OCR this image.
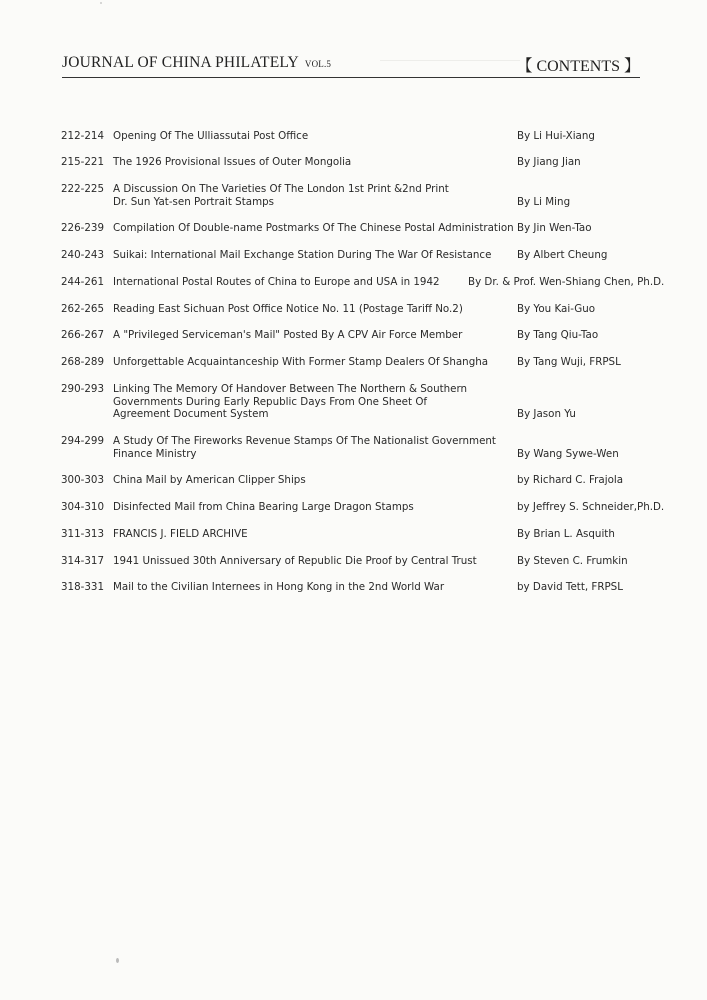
JOURNAL OF CHINA PHILATELY VOL.5	【 CONTENTS 】
212-214 Opening Of The Ulliassutai Post Office	By Li Hui-Xiang
215-221 The 1926 Provisional Issues of Outer Mongolia	By Jiang Jian
222-225 A Discussion On The Varieties Of The London 1st Print &2nd Print
Dr. Sun Yat-sen Portrait Stamps	By Li Ming
226-239 Compilation Of Double-name Postmarks Of The Chinese Postal Administration By Jin Wen-Tao
240-243 Suikai: International Mail Exchange Station During The War Of Resistance	By Albert Cheung
244-261 International Postal Routes of China to Europe and USA in 1942	By Dr. & Prof. Wen-Shiang Chen, Ph.D.
262-265 Reading East Sichuan Post Office Notice No. 11 (Postage Tariff No.2)	By You Kai-Guo
266-267 A "Privileged Serviceman's Mail" Posted By A CPV Air Force Member	By Tang Qiu-Tao
268-289 Unforgettable Acquaintanceship With Former Stamp Dealers Of Shangha	By Tang Wuji, FRPSL
290-293 Linking The Memory Of Handover Between The Northern & Southern
Governments During Early Republic Days From One Sheet Of
Agreement Document System	By Jason Yu
294-299 A Study Of The Fireworks Revenue Stamps Of The Nationalist Government
Finance Ministry	By Wang Sywe-Wen
300-303 China Mail by American Clipper Ships	by Richard C. Frajola
304-310 Disinfected Mail from China Bearing Large Dragon Stamps	by Jeffrey S. Schneider,Ph.D.
311-313 FRANCIS J. FIELD ARCHIVE	By Brian L. Asquith
314-317 1941 Unissued 30th Anniversary of Republic Die Proof by Central Trust	By Steven C. Frumkin
318-331 Mail to the Civilian Internees in Hong Kong in the 2nd World War	by David Tett, FRPSL
